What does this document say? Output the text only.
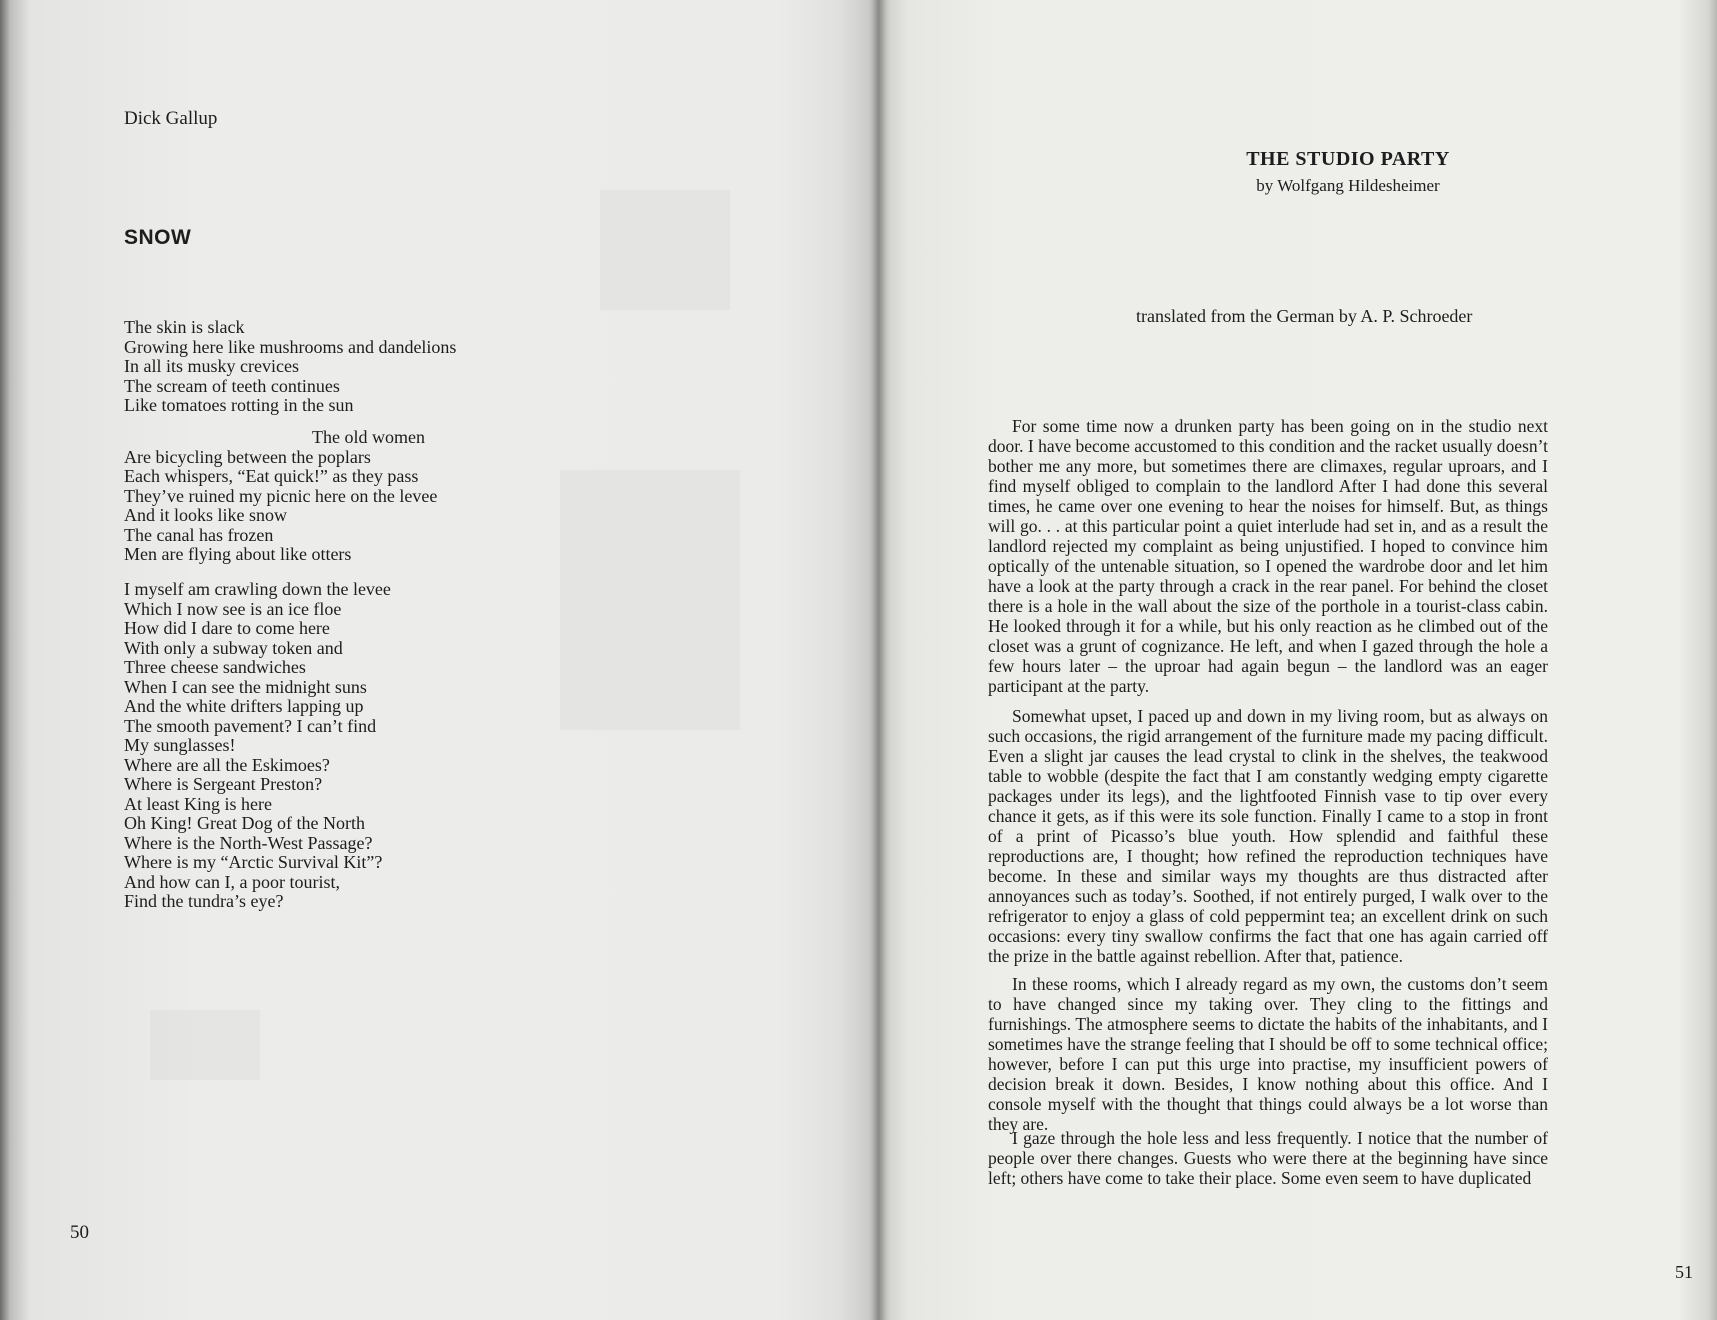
Dick Gallup
SNOW
The skin is slack
Growing here like mushrooms and dandelions
In all its musky crevices
The scream of teeth continues
Like tomatoes rotting in the sun
The old women
Are bicycling between the poplars
Each whispers, “Eat quick!” as they pass
They’ve ruined my picnic here on the levee
And it looks like snow
The canal has frozen
Men are flying about like otters
I myself am crawling down the levee
Which I now see is an ice floe
How did I dare to come here
With only a subway token and
Three cheese sandwiches
When I can see the midnight suns
And the white drifters lapping up
The smooth pavement? I can’t find
My sunglasses!
Where are all the Eskimoes?
Where is Sergeant Preston?
At least King is here
Oh King! Great Dog of the North
Where is the North-West Passage?
Where is my “Arctic Survival Kit”?
And how can I, a poor tourist,
Find the tundra’s eye?
50
THE STUDIO PARTY
by Wolfgang Hildesheimer
translated from the German by A. P. Schroeder
For some time now a drunken party has been going on in the studio next door. I have become accustomed to this condition and the racket usually doesn’t bother me any more, but sometimes there are climaxes, regular uproars, and I find myself obliged to complain to the landlord After I had done this several times, he came over one evening to hear the noises for himself. But, as things will go. . . at this particular point a quiet interlude had set in, and as a result the landlord rejected my complaint as being unjustified. I hoped to convince him optically of the untenable situation, so I opened the wardrobe door and let him have a look at the party through a crack in the rear panel. For behind the closet there is a hole in the wall about the size of the porthole in a tourist-class cabin. He looked through it for a while, but his only reaction as he climbed out of the closet was a grunt of cognizance. He left, and when I gazed through the hole a few hours later – the uproar had again begun – the landlord was an eager participant at the party.
Somewhat upset, I paced up and down in my living room, but as always on such occasions, the rigid arrangement of the furniture made my pacing difficult. Even a slight jar causes the lead crystal to clink in the shelves, the teakwood table to wobble (despite the fact that I am constantly wedging empty cigarette packages under its legs), and the lightfooted Finnish vase to tip over every chance it gets, as if this were its sole function. Finally I came to a stop in front of a print of Picasso’s blue youth. How splendid and faithful these reproductions are, I thought; how refined the reproduction techniques have become. In these and similar ways my thoughts are thus distracted after annoyances such as today’s. Soothed, if not entirely purged, I walk over to the refrigerator to enjoy a glass of cold peppermint tea; an excellent drink on such occasions: every tiny swallow confirms the fact that one has again carried off the prize in the battle against rebellion. After that, patience.
In these rooms, which I already regard as my own, the customs don’t seem to have changed since my taking over. They cling to the fittings and furnishings. The atmosphere seems to dictate the habits of the inhabitants, and I sometimes have the strange feeling that I should be off to some technical office; however, before I can put this urge into practise, my insufficient powers of decision break it down. Besides, I know nothing about this office. And I console myself with the thought that things could always be a lot worse than they are.
I gaze through the hole less and less frequently. I notice that the number of people over there changes. Guests who were there at the beginning have since left; others have come to take their place. Some even seem to have duplicated
51
